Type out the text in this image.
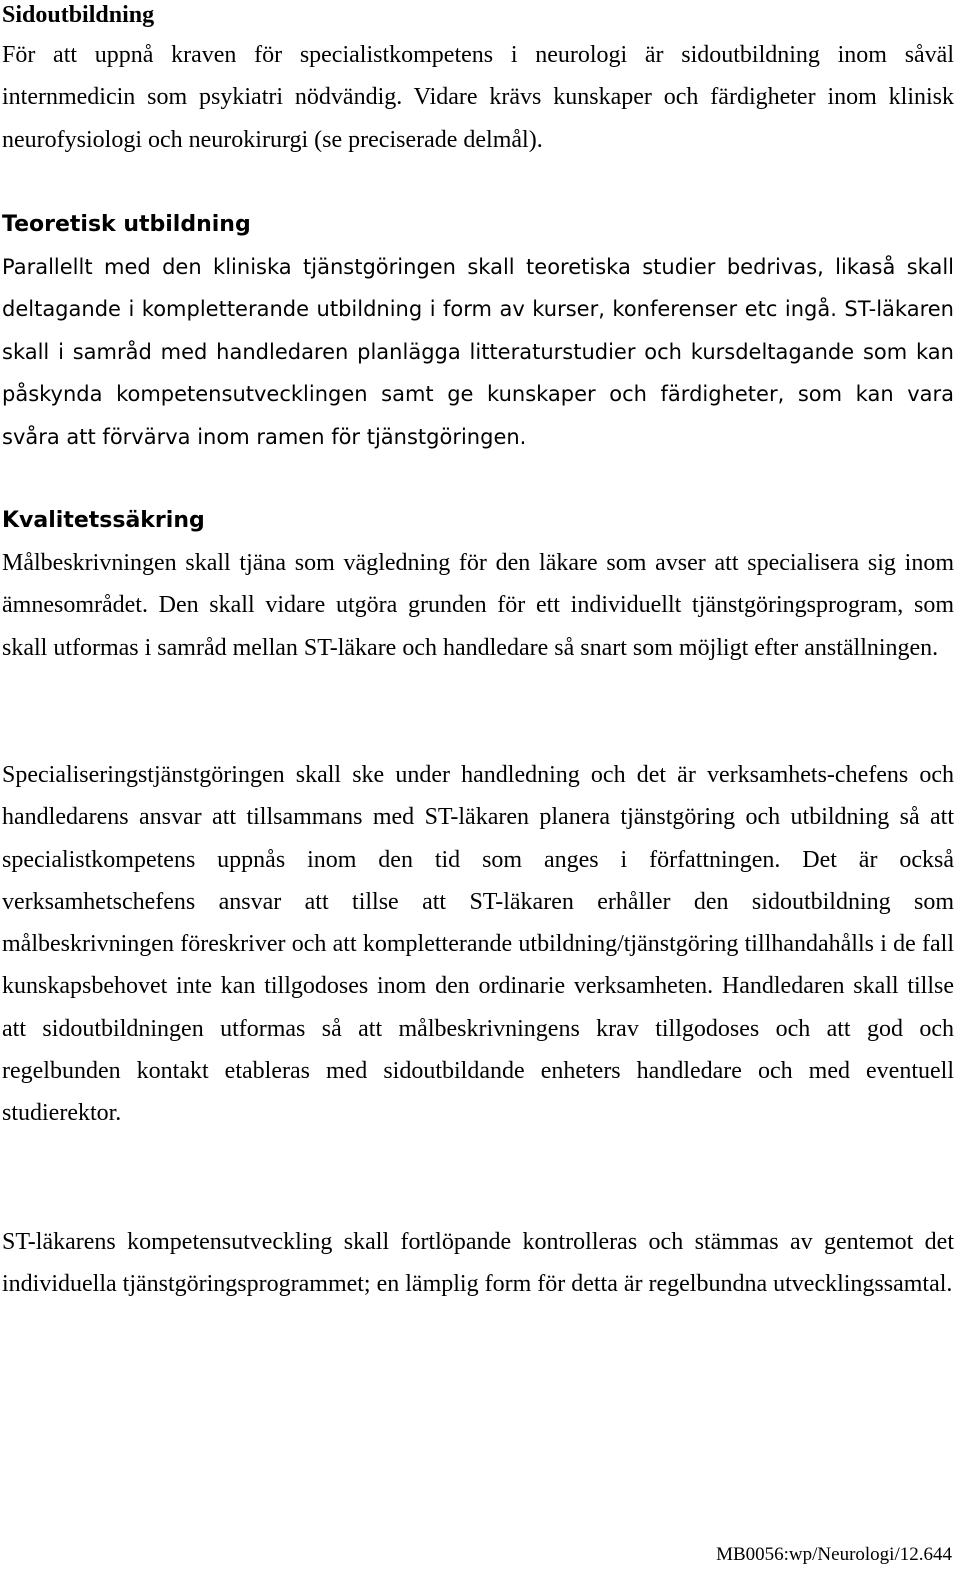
Sidoutbildning

För att uppnå kraven för specialistkompetens i neurologi är sidoutbildning inom såväl internmedicin som psykiatri nödvändig. Vidare krävs kunskaper och färdigheter inom klinisk neurofysiologi och neurokirurgi (se preciserade delmål).

Teoretisk utbildning

Parallellt med den kliniska tjänstgöringen skall teoretiska studier bedrivas, likaså skall deltagande i kompletterande utbildning i form av kurser, konferenser etc ingå. ST-läkaren skall i samråd med handledaren planlägga litteraturstudier och kursdeltagande som kan påskynda kompetensutvecklingen samt ge kunskaper och färdigheter, som kan vara svåra att förvärva inom ramen för tjänstgöringen.

Kvalitetssäkring

Målbeskrivningen skall tjäna som vägledning för den läkare som avser att specialisera sig inom ämnesområdet. Den skall vidare utgöra grunden för ett individuellt tjänstgöringsprogram, som skall utformas i samråd mellan ST-läkare och handledare så snart som möjligt efter anställningen.

Specialiseringstjänstgöringen skall ske under handledning och det är verksamhets-chefens och handledarens ansvar att tillsammans med ST-läkaren planera tjänstgöring och utbildning så att specialistkompetens uppnås inom den tid som anges i författningen. Det är också verksamhetschefens ansvar att tillse att ST-läkaren erhåller den sidoutbildning som målbeskrivningen föreskriver och att kompletterande utbildning/tjänstgöring tillhandahålls i de fall kunskapsbehovet inte kan tillgodoses inom den ordinarie verksamheten. Handledaren skall tillse att sidoutbildningen utformas så att målbeskrivningens krav tillgodoses och att god och regelbunden kontakt etableras med sidoutbildande enheters handledare och med eventuell studierektor.

ST-läkarens kompetensutveckling skall fortlöpande kontrolleras och stämmas av gentemot det individuella tjänstgöringsprogrammet; en lämplig form för detta är regelbundna utvecklingssamtal.

MB0056:wp/Neurologi/12.644
